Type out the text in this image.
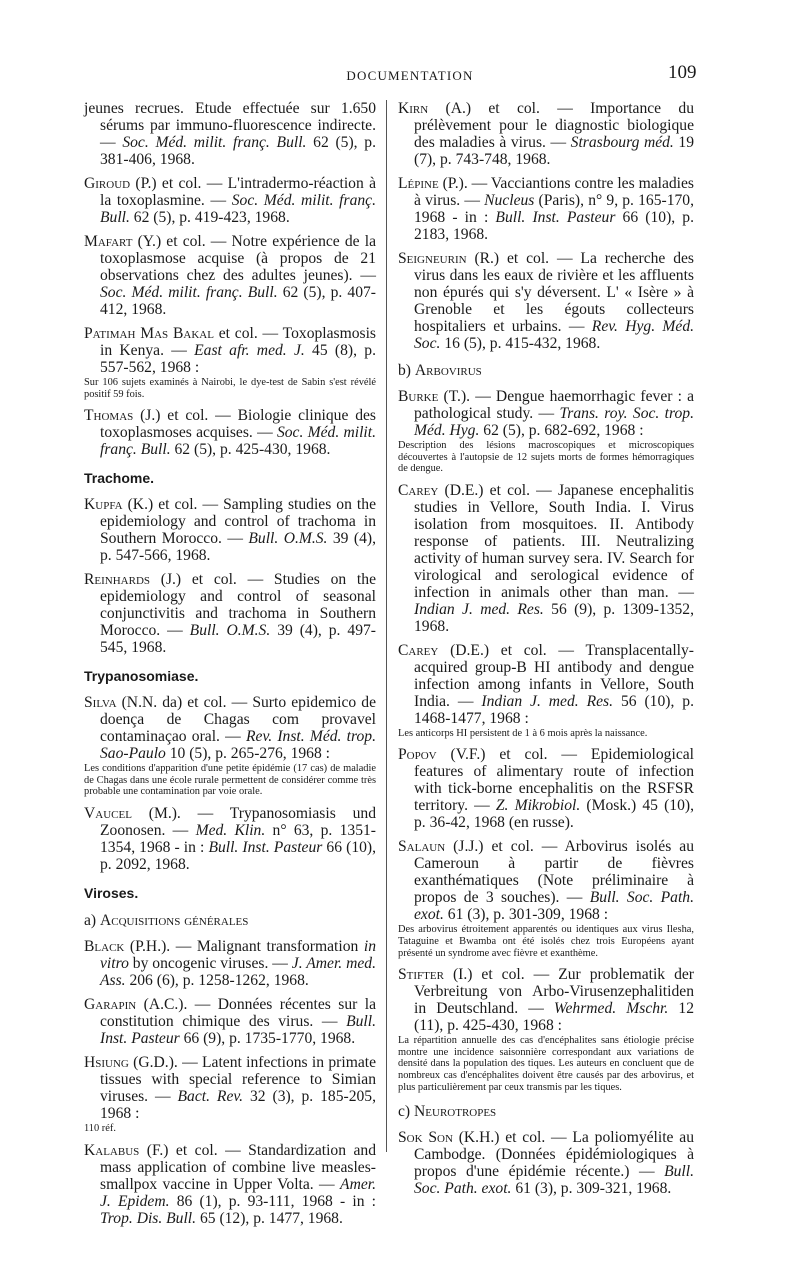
DOCUMENTATION	109
jeunes recrues. Etude effectuée sur 1.650 sérums par immuno-fluorescence indirecte. — Soc. Méd. milit. franç. Bull. 62 (5), p. 381-406, 1968.
Giroud (P.) et col. — L'intradermo-réaction à la toxoplasmine. — Soc. Méd. milit. franç. Bull. 62 (5), p. 419-423, 1968.
Mafart (Y.) et col. — Notre expérience de la toxoplasmose acquise (à propos de 21 observations chez des adultes jeunes). — Soc. Méd. milit. franç. Bull. 62 (5), p. 407-412, 1968.
Patimah Mas Bakal et col. — Toxoplasmosis in Kenya. — East afr. med. J. 45 (8), p. 557-562, 1968 :
Sur 106 sujets examinés à Nairobi, le dye-test de Sabin s'est révélé positif 59 fois.
Thomas (J.) et col. — Biologie clinique des toxoplasmoses acquises. — Soc. Méd. milit. franç. Bull. 62 (5), p. 425-430, 1968.
Trachome.
Kupfa (K.) et col. — Sampling studies on the epidemiology and control of trachoma in Southern Morocco. — Bull. O.M.S. 39 (4), p. 547-566, 1968.
Reinhards (J.) et col. — Studies on the epidemiology and control of seasonal conjunctivitis and trachoma in Southern Morocco. — Bull. O.M.S. 39 (4), p. 497-545, 1968.
Trypanosomiase.
Silva (N.N. da) et col. — Surto epidemico de doença de Chagas com provavel contaminaçao oral. — Rev. Inst. Méd. trop. Sao-Paulo 10 (5), p. 265-276, 1968 :
Les conditions d'apparition d'une petite épidémie (17 cas) de maladie de Chagas dans une école rurale permettent de considérer comme très probable une contamination par voie orale.
Vaucel (M.). — Trypanosomiasis und Zoonosen. — Med. Klin. n° 63, p. 1351-1354, 1968 - in : Bull. Inst. Pasteur 66 (10), p. 2092, 1968.
Viroses.
a) Acquisitions générales
Black (P.H.). — Malignant transformation in vitro by oncogenic viruses. — J. Amer. med. Ass. 206 (6), p. 1258-1262, 1968.
Garapin (A.C.). — Données récentes sur la constitution chimique des virus. — Bull. Inst. Pasteur 66 (9), p. 1735-1770, 1968.
Hsiung (G.D.). — Latent infections in primate tissues with special reference to Simian viruses. — Bact. Rev. 32 (3), p. 185-205, 1968 :
110 réf.
Kalabus (F.) et col. — Standardization and mass application of combine live measles-smallpox vaccine in Upper Volta. — Amer. J. Epidem. 86 (1), p. 93-111, 1968 - in : Trop. Dis. Bull. 65 (12), p. 1477, 1968.
Kirn (A.) et col. — Importance du prélèvement pour le diagnostic biologique des maladies à virus. — Strasbourg méd. 19 (7), p. 743-748, 1968.
Lépine (P.). — Vacciantions contre les maladies à virus. — Nucleus (Paris), n° 9, p. 165-170, 1968 - in : Bull. Inst. Pasteur 66 (10), p. 2183, 1968.
Seigneurin (R.) et col. — La recherche des virus dans les eaux de rivière et les affluents non épurés qui s'y déversent. L' « Isère » à Grenoble et les égouts collecteurs hospitaliers et urbains. — Rev. Hyg. Méd. Soc. 16 (5), p. 415-432, 1968.
b) Arbovirus
Burke (T.). — Dengue haemorrhagic fever : a pathological study. — Trans. roy. Soc. trop. Méd. Hyg. 62 (5), p. 682-692, 1968 :
Description des lésions macroscopiques et microscopiques découvertes à l'autopsie de 12 sujets morts de formes hémorragiques de dengue.
Carey (D.E.) et col. — Japanese encephalitis studies in Vellore, South India. I. Virus isolation from mosquitoes. II. Antibody response of patients. III. Neutralizing activity of human survey sera. IV. Search for virological and serological evidence of infection in animals other than man. — Indian J. med. Res. 56 (9), p. 1309-1352, 1968.
Carey (D.E.) et col. — Transplacentally-acquired group-B HI antibody and dengue infection among infants in Vellore, South India. — Indian J. med. Res. 56 (10), p. 1468-1477, 1968 :
Les anticorps HI persistent de 1 à 6 mois après la naissance.
Popov (V.F.) et col. — Epidemiological features of alimentary route of infection with tick-borne encephalitis on the RSFSR territory. — Z. Mikrobiol. (Mosk.) 45 (10), p. 36-42, 1968 (en russe).
Salaun (J.J.) et col. — Arbovirus isolés au Cameroun à partir de fièvres exanthématiques (Note préliminaire à propos de 3 souches). — Bull. Soc. Path. exot. 61 (3), p. 301-309, 1968 :
Des arbovirus étroitement apparentés ou identiques aux virus Ilesha, Tataguine et Bwamba ont été isolés chez trois Européens ayant présenté un syndrome avec fièvre et exanthème.
Stifter (I.) et col. — Zur problematik der Verbreitung von Arbo-Virusenzephalitiden in Deutschland. — Wehrmed. Mschr. 12 (11), p. 425-430, 1968 :
La répartition annuelle des cas d'encéphalites sans étiologie précise montre une incidence saisonnière correspondant aux variations de densité dans la population des tiques. Les auteurs en concluent que de nombreux cas d'encéphalites doivent être causés par des arbovirus, et plus particulièrement par ceux transmis par les tiques.
c) Neurotropes
Sok Son (K.H.) et col. — La poliomyélite au Cambodge. (Données épidémiologiques à propos d'une épidémie récente.) — Bull. Soc. Path. exot. 61 (3), p. 309-321, 1968.
